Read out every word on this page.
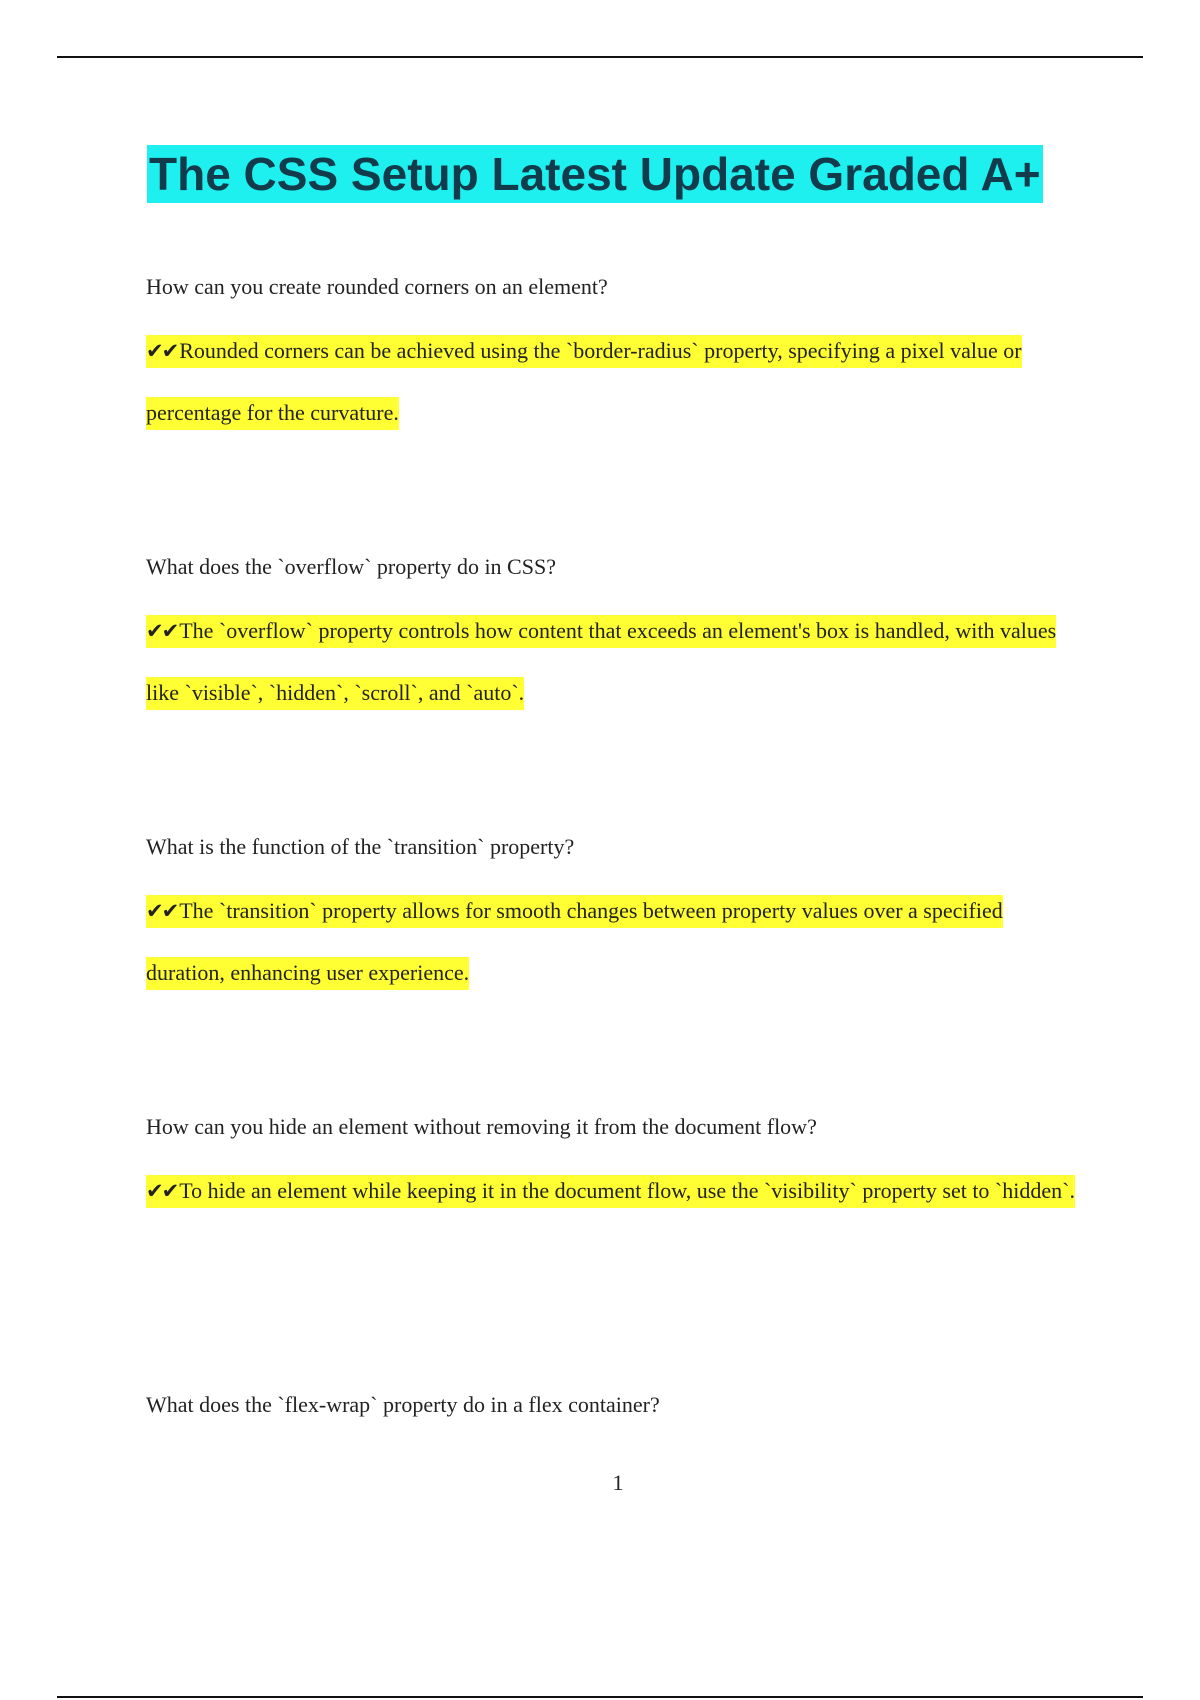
The CSS Setup Latest Update Graded A+

How can you create rounded corners on an element?

✔✔Rounded corners can be achieved using the `border-radius` property, specifying a pixel value or percentage for the curvature.

What does the `overflow` property do in CSS?

✔✔The `overflow` property controls how content that exceeds an element's box is handled, with values like `visible`, `hidden`, `scroll`, and `auto`.

What is the function of the `transition` property?

✔✔The `transition` property allows for smooth changes between property values over a specified duration, enhancing user experience.

How can you hide an element without removing it from the document flow?

✔✔To hide an element while keeping it in the document flow, use the `visibility` property set to `hidden`.

What does the `flex-wrap` property do in a flex container?

1
